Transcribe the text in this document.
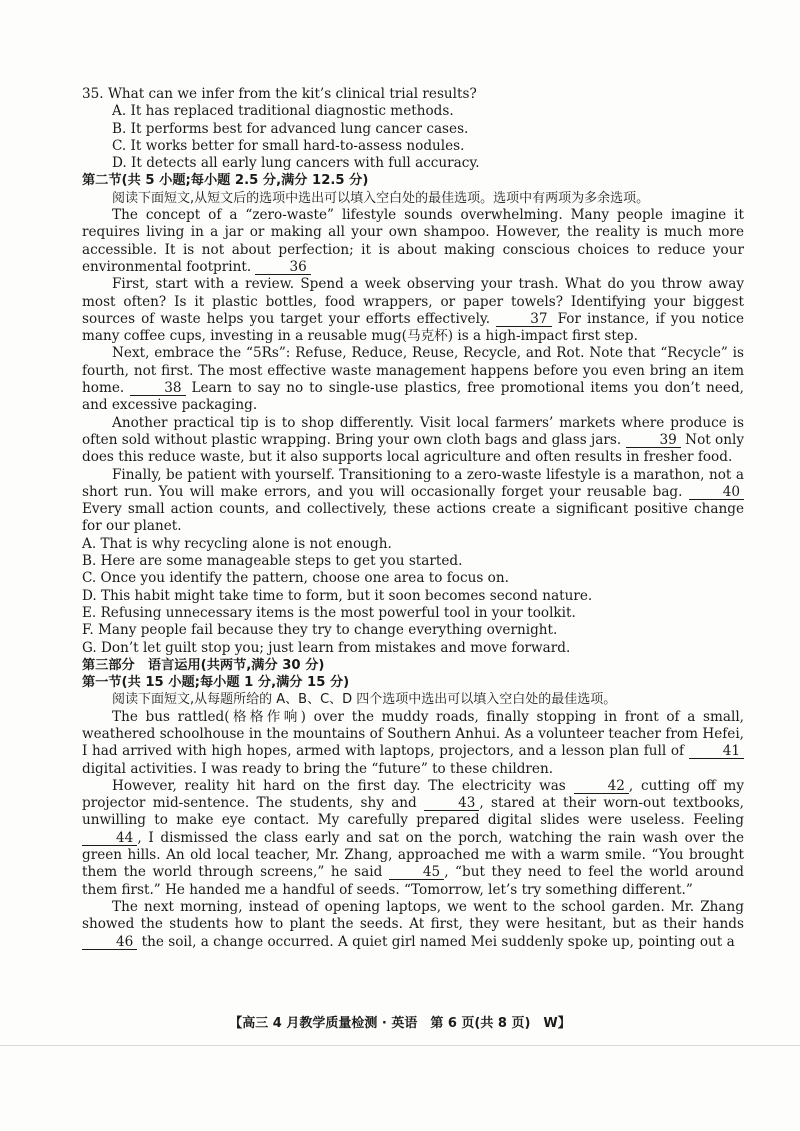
35. What can we infer from the kit’s clinical trial results?

A. It has replaced traditional diagnostic methods.

B. It performs best for advanced lung cancer cases.

C. It works better for small hard-to-assess nodules.

D. It detects all early lung cancers with full accuracy.

第二节(共 5 小题;每小题 2.5 分,满分 12.5 分)

阅读下面短文,从短文后的选项中选出可以填入空白处的最佳选项。选项中有两项为多余选项。

The concept of a “zero-waste” lifestyle sounds overwhelming. Many people imagine it requires living in a jar or making all your own shampoo. However, the reality is much more accessible. It is not about perfection; it is about making conscious choices to reduce your environmental footprint.	36

First, start with a review. Spend a week observing your trash. What do you throw away most often? Is it plastic bottles, food wrappers, or paper towels? Identifying your biggest sources of waste helps you target your efforts effectively.	37 For instance, if you notice many coffee cups, investing in a reusable mug(马克杯) is a high-impact first step.

Next, embrace the “5Rs”: Refuse, Reduce, Reuse, Recycle, and Rot. Note that “Recycle” is fourth, not first. The most effective waste management happens before you even bring an item home.	38 Learn to say no to single-use plastics, free promotional items you don’t need, and excessive packaging.

Another practical tip is to shop differently. Visit local farmers’ markets where produce is often sold without plastic wrapping. Bring your own cloth bags and glass jars.	39 Not only does this reduce waste, but it also supports local agriculture and often results in fresher food.

Finally, be patient with yourself. Transitioning to a zero-waste lifestyle is a marathon, not a short run. You will make errors, and you will occasionally forget your reusable bag.	40 Every small action counts, and collectively, these actions create a significant positive change for our planet.

A. That is why recycling alone is not enough.

B. Here are some manageable steps to get you started.

C. Once you identify the pattern, choose one area to focus on.

D. This habit might take time to form, but it soon becomes second nature.

E. Refusing unnecessary items is the most powerful tool in your toolkit.

F. Many people fail because they try to change everything overnight.

G. Don’t let guilt stop you; just learn from mistakes and move forward.

第三部分　语言运用(共两节,满分 30 分)

第一节(共 15 小题;每小题 1 分,满分 15 分)

阅读下面短文,从每题所给的 A、B、C、D 四个选项中选出可以填入空白处的最佳选项。

The bus rattled(格格作响) over the muddy roads, finally stopping in front of a small, weathered schoolhouse in the mountains of Southern Anhui. As a volunteer teacher from Hefei, I had arrived with high hopes, armed with laptops, projectors, and a lesson plan full of	41 digital activities. I was ready to bring the “future” to these children.

However, reality hit hard on the first day. The electricity was	42 , cutting off my projector mid-sentence. The students, shy and	43 , stared at their worn-out textbooks, unwilling to make eye contact. My carefully prepared digital slides were useless. Feeling 44 , I dismissed the class early and sat on the porch, watching the rain wash over the green hills. An old local teacher, Mr. Zhang, approached me with a warm smile. “You brought them the world through screens,” he said	45 , “but they need to feel the world around them first.” He handed me a handful of seeds. “Tomorrow, let’s try something different.”

The next morning, instead of opening laptops, we went to the school garden. Mr. Zhang showed the students how to plant the seeds. At first, they were hesitant, but as their hands 46 the soil, a change occurred. A quiet girl named Mei suddenly spoke up, pointing out a

【高三 4 月教学质量检测 · 英语　第 6 页(共 8 页)　W】
